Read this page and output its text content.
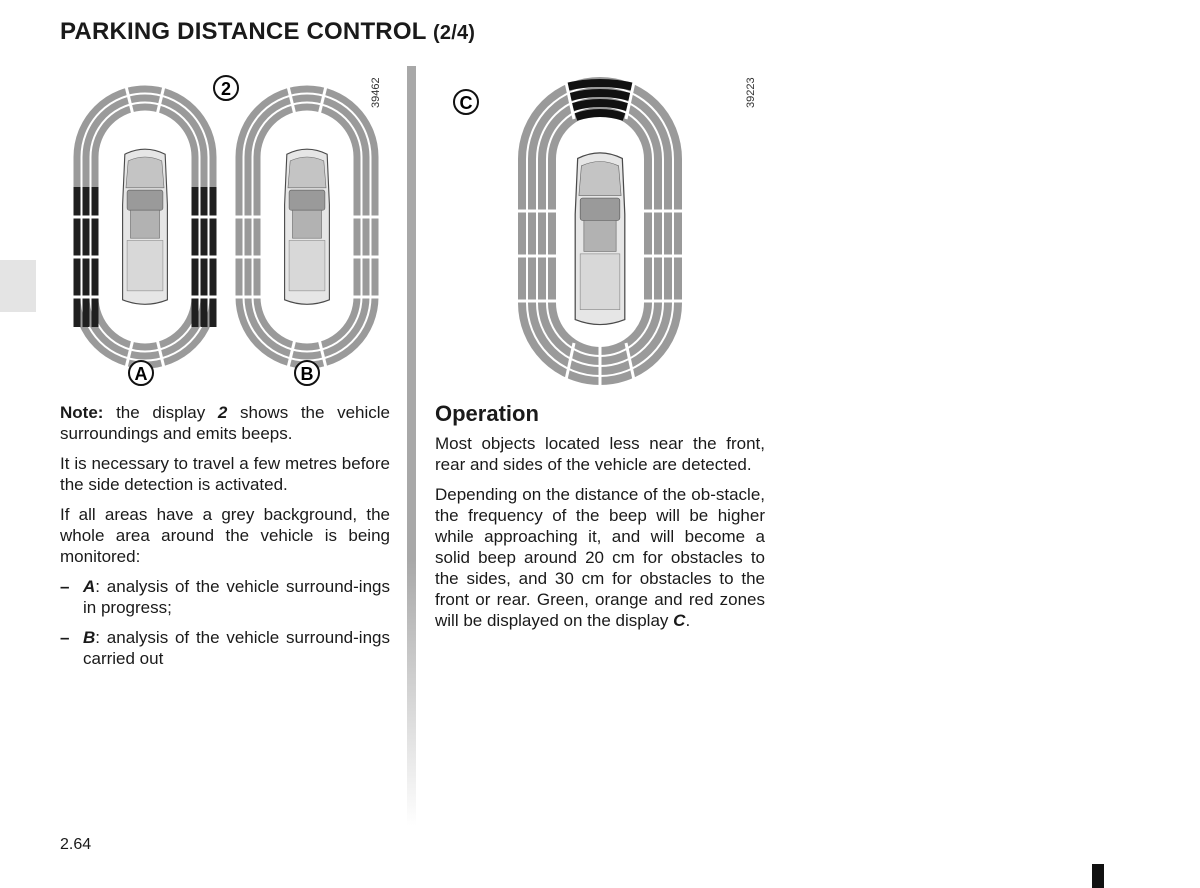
PARKING DISTANCE CONTROL (2/4)
2
A	B
39462	C	39223

Note: the display 2 shows the vehicle surroundings and emits beeps.

It is necessary to travel a few metres before the side detection is activated.

If all areas have a grey background, the whole area around the vehicle is being monitored:

– A: analysis of the vehicle surround-ings in progress;
– B: analysis of the vehicle surround-ings carried out
Operation

Most objects located less near the front, rear and sides of the vehicle are detected.

Depending on the distance of the ob-stacle, the frequency of the beep will be higher while approaching it, and will become a solid beep around 20 cm for obstacles to the sides, and 30 cm for obstacles to the front or rear. Green, orange and red zones will be displayed on the display C.

2.64
